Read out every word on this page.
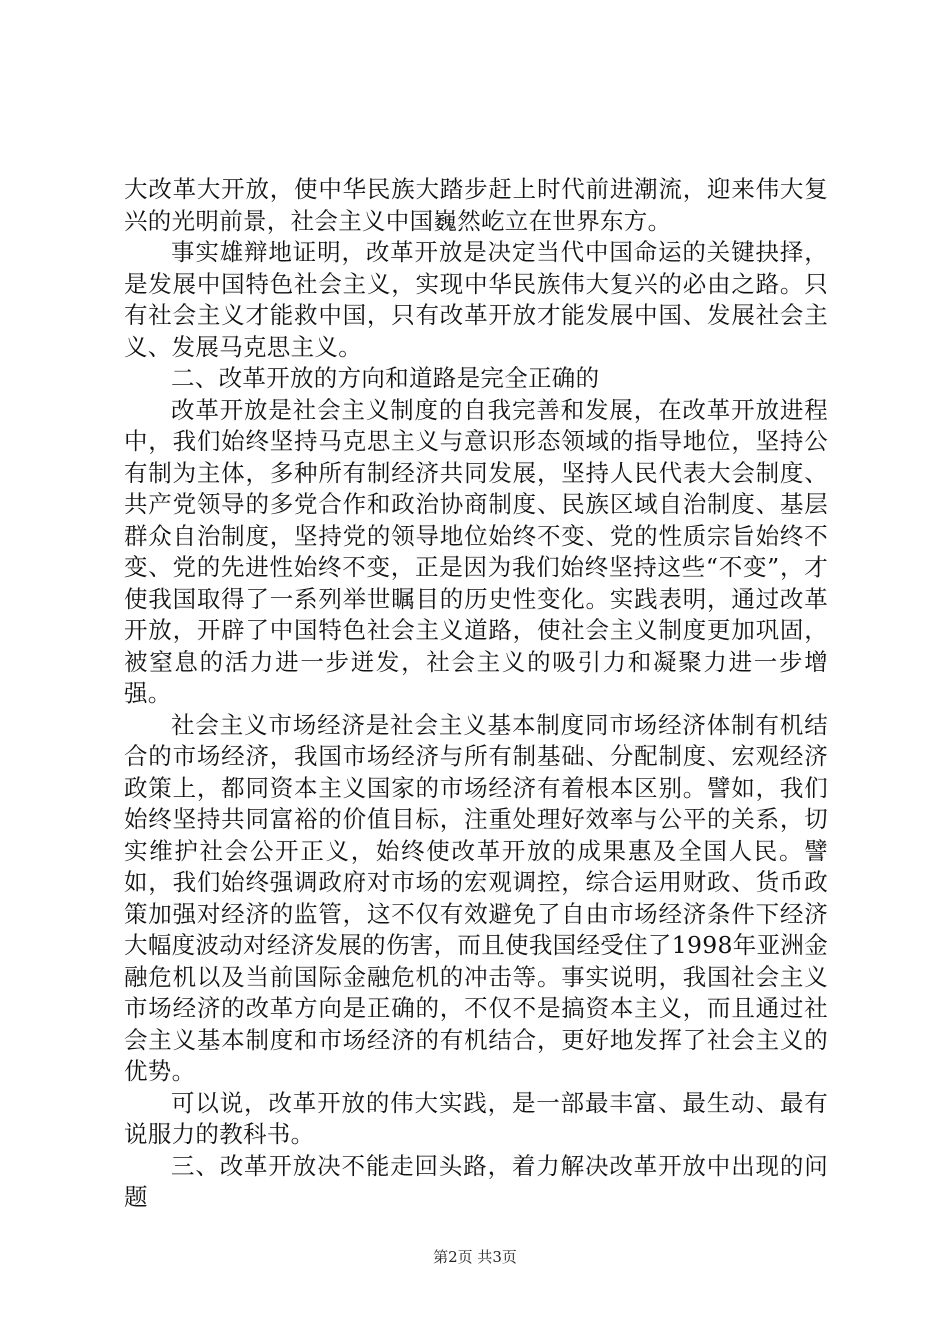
大改革大开放，使中华民族大踏步赶上时代前进潮流，迎来伟大复兴的光明前景，社会主义中国巍然屹立在世界东方。

事实雄辩地证明，改革开放是决定当代中国命运的关键抉择，是发展中国特色社会主义，实现中华民族伟大复兴的必由之路。只有社会主义才能救中国，只有改革开放才能发展中国、发展社会主义、发展马克思主义。

二、改革开放的方向和道路是完全正确的

改革开放是社会主义制度的自我完善和发展，在改革开放进程中，我们始终坚持马克思主义与意识形态领域的指导地位，坚持公有制为主体，多种所有制经济共同发展，坚持人民代表大会制度、共产党领导的多党合作和政治协商制度、民族区域自治制度、基层群众自治制度，坚持党的领导地位始终不变、党的性质宗旨始终不变、党的先进性始终不变，正是因为我们始终坚持这些“不变”，才使我国取得了一系列举世瞩目的历史性变化。实践表明，通过改革开放，开辟了中国特色社会主义道路，使社会主义制度更加巩固，被窒息的活力进一步迸发，社会主义的吸引力和凝聚力进一步增强。

社会主义市场经济是社会主义基本制度同市场经济体制有机结合的市场经济，我国市场经济与所有制基础、分配制度、宏观经济政策上，都同资本主义国家的市场经济有着根本区别。譬如，我们始终坚持共同富裕的价值目标，注重处理好效率与公平的关系，切实维护社会公开正义，始终使改革开放的成果惠及全国人民。譬如，我们始终强调政府对市场的宏观调控，综合运用财政、货币政策加强对经济的监管，这不仅有效避免了自由市场经济条件下经济大幅度波动对经济发展的伤害，而且使我国经受住了1998年亚洲金融危机以及当前国际金融危机的冲击等。事实说明，我国社会主义市场经济的改革方向是正确的，不仅不是搞资本主义，而且通过社会主义基本制度和市场经济的有机结合，更好地发挥了社会主义的优势。

可以说，改革开放的伟大实践，是一部最丰富、最生动、最有说服力的教科书。

三、改革开放决不能走回头路，着力解决改革开放中出现的问题

第2页 共3页
